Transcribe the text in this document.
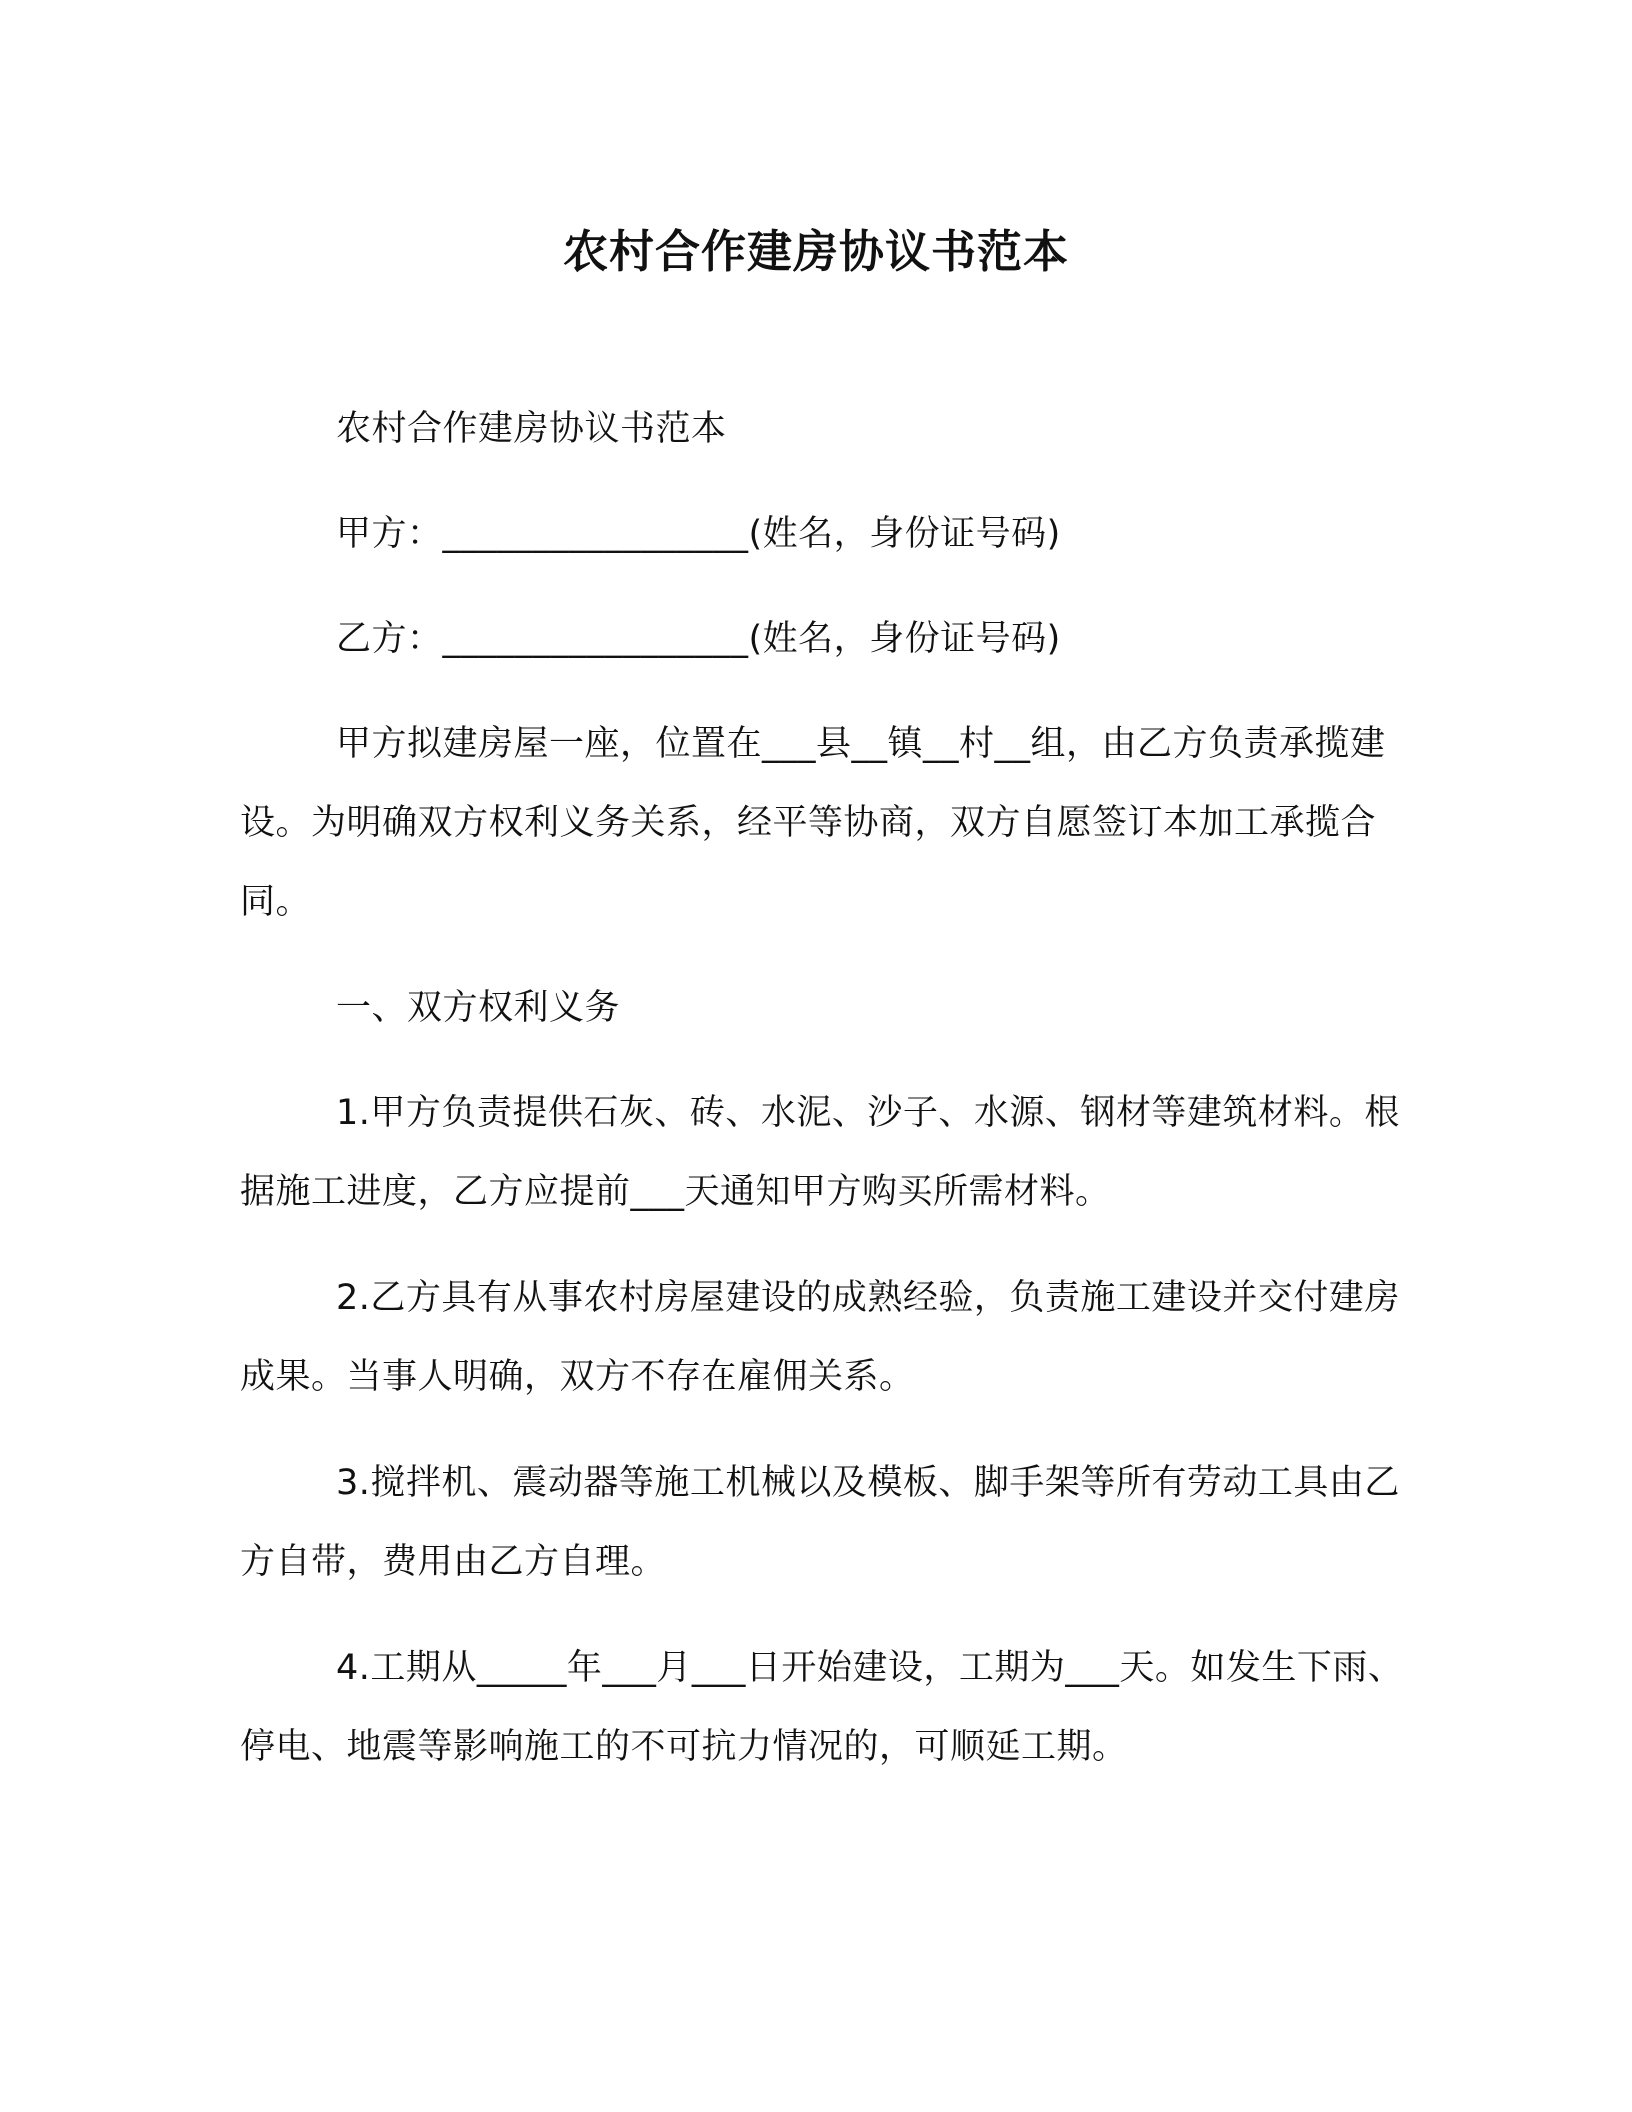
农村合作建房协议书范本

农村合作建房协议书范本

甲方：_________________(姓名，身份证号码)

乙方：_________________(姓名，身份证号码)

甲方拟建房屋一座，位置在___县__镇__村__组，由乙方负责承揽建设。为明确双方权利义务关系，经平等协商，双方自愿签订本加工承揽合同。

一、双方权利义务

1.甲方负责提供石灰、砖、水泥、沙子、水源、钢材等建筑材料。根据施工进度，乙方应提前___天通知甲方购买所需材料。

2.乙方具有从事农村房屋建设的成熟经验，负责施工建设并交付建房成果。当事人明确，双方不存在雇佣关系。

3.搅拌机、震动器等施工机械以及模板、脚手架等所有劳动工具由乙方自带，费用由乙方自理。

4.工期从_____年___月___日开始建设，工期为___天。如发生下雨、停电、地震等影响施工的不可抗力情况的，可顺延工期。
